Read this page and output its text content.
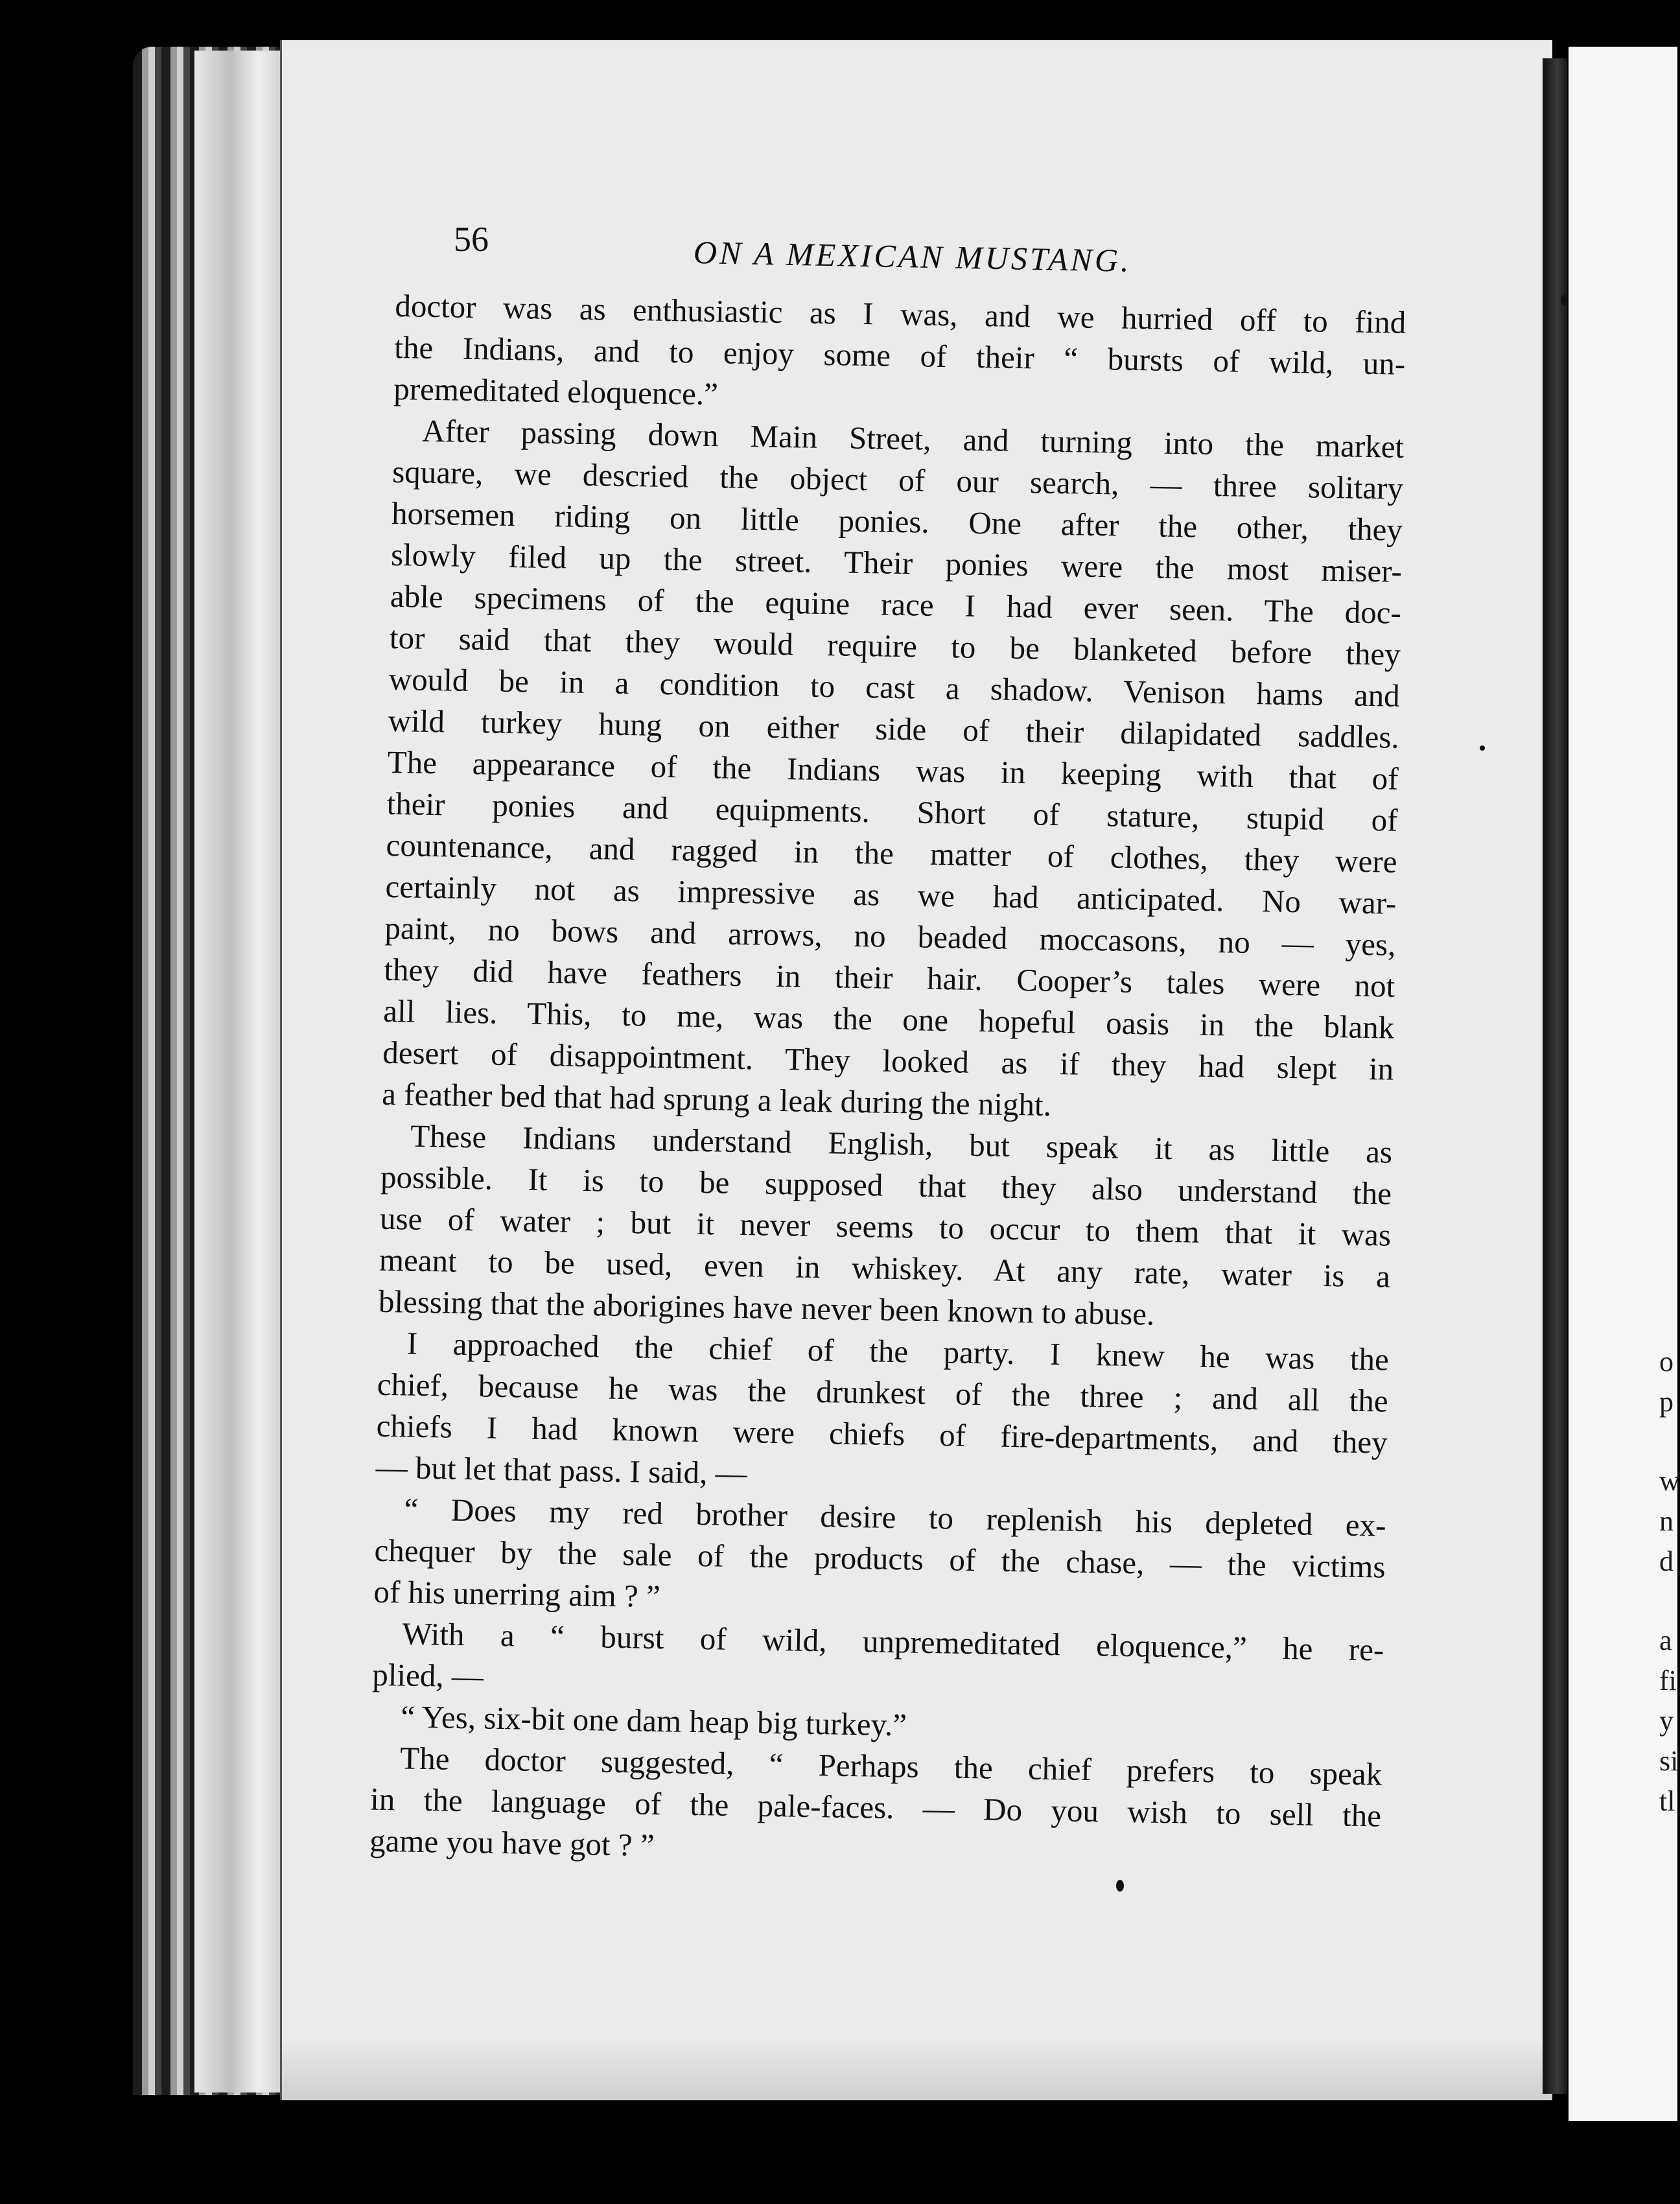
56	ON A MEXICAN MUSTANG.
doctor was as enthusiastic as I was, and we hurried off to find
the Indians, and to enjoy some of their “ bursts of wild, un-
premeditated eloquence.”
After passing down Main Street, and turning into the market
square, we descried the object of our search, — three solitary
horsemen riding on little ponies. One after the other, they
slowly filed up the street. Their ponies were the most miser-
able specimens of the equine race I had ever seen. The doc-
tor said that they would require to be blanketed before they
would be in a condition to cast a shadow. Venison hams and
wild turkey hung on either side of their dilapidated saddles.
The appearance of the Indians was in keeping with that of
their ponies and equipments. Short of stature, stupid of
countenance, and ragged in the matter of clothes, they were
certainly not as impressive as we had anticipated. No war-
paint, no bows and arrows, no beaded moccasons, no — yes,
they did have feathers in their hair. Cooper’s tales were not
all lies. This, to me, was the one hopeful oasis in the blank
desert of disappointment. They looked as if they had slept in
a feather bed that had sprung a leak during the night.
These Indians understand English, but speak it as little as
possible. It is to be supposed that they also understand the
use of water ; but it never seems to occur to them that it was
meant to be used, even in whiskey. At any rate, water is a
blessing that the aborigines have never been known to abuse.
I approached the chief of the party. I knew he was the
chief, because he was the drunkest of the three ; and all the
chiefs I had known were chiefs of fire-departments, and they
— but let that pass. I said, —
“ Does my red brother desire to replenish his depleted ex-
chequer by the sale of the products of the chase, — the victims
of his unerring aim ? ”
With a “ burst of wild, unpremeditated eloquence,” he re-
plied, —
“ Yes, six-bit one dam heap big turkey.”
The doctor suggested, “ Perhaps the chief prefers to speak
in the language of the pale-faces. — Do you wish to sell the
game you have got ? ”
o
p
w
n
d
a
fi
y
si
tl
